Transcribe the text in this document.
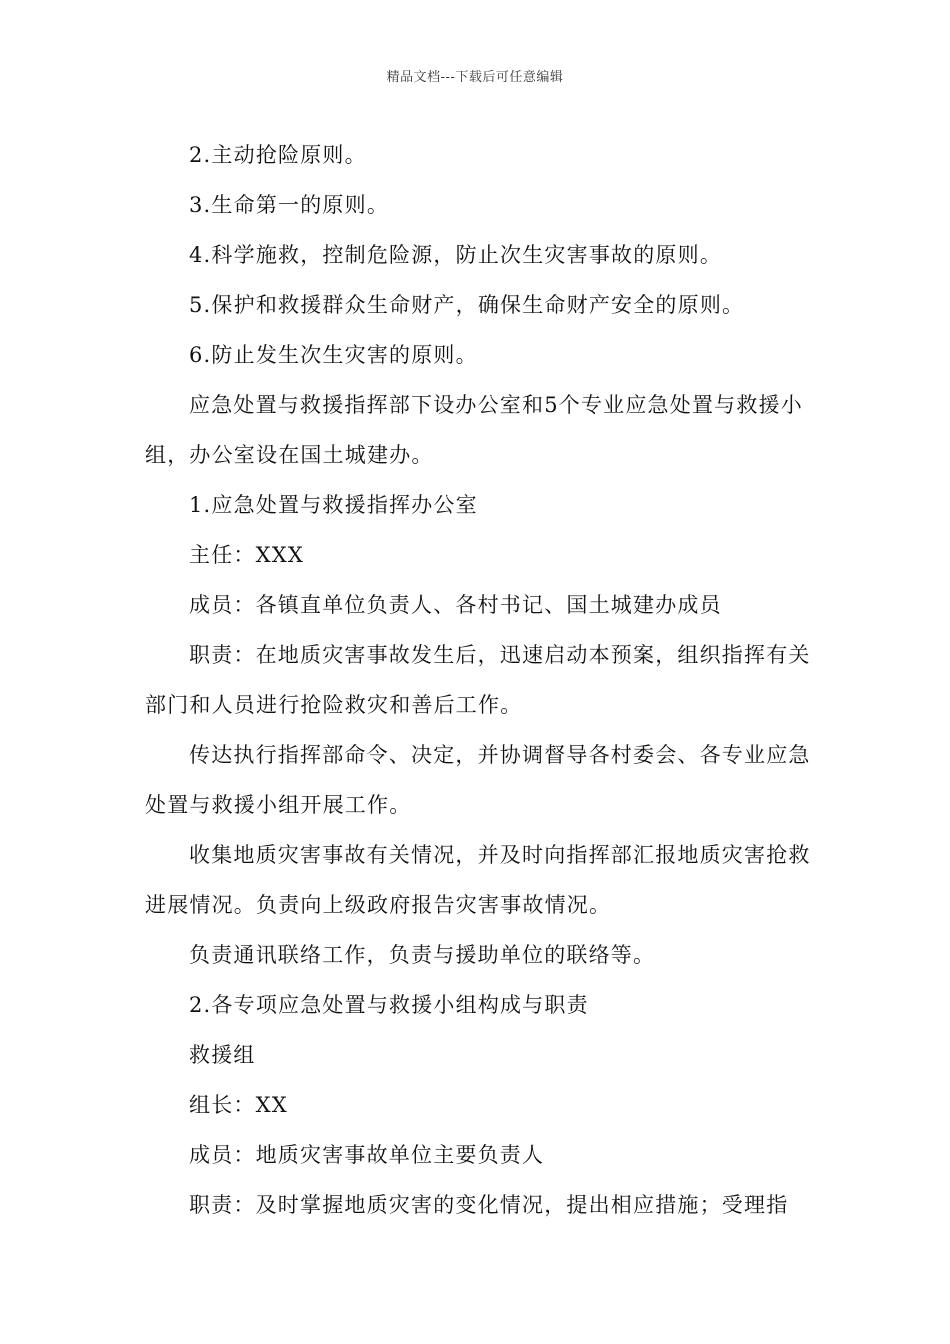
精品文档---下载后可任意编辑

2.主动抢险原则。

3.生命第一的原则。

4.科学施救，控制危险源，防止次生灾害事故的原则。

5.保护和救援群众生命财产，确保生命财产安全的原则。

6.防止发生次生灾害的原则。

应急处置与救援指挥部下设办公室和5个专业应急处置与救援小组，办公室设在国土城建办。

1.应急处置与救援指挥办公室

主任：XXX

成员：各镇直单位负责人、各村书记、国土城建办成员

职责：在地质灾害事故发生后，迅速启动本预案，组织指挥有关部门和人员进行抢险救灾和善后工作。

传达执行指挥部命令、决定，并协调督导各村委会、各专业应急处置与救援小组开展工作。

收集地质灾害事故有关情况，并及时向指挥部汇报地质灾害抢救进展情况。负责向上级政府报告灾害事故情况。

负责通讯联络工作，负责与援助单位的联络等。

2.各专项应急处置与救援小组构成与职责

救援组

组长：XX

成员：地质灾害事故单位主要负责人

职责：及时掌握地质灾害的变化情况，提出相应措施；受理指
